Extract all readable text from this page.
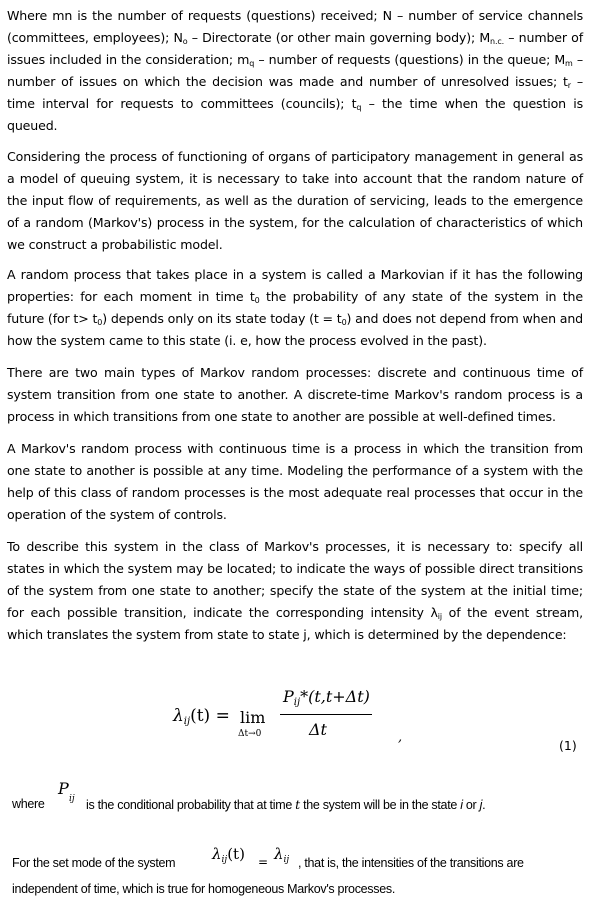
Where mn is the number of requests (questions) received; N – number of service channels (committees, employees); $N_o$ – Directorate (or other main governing body); $M_{n.c.}$ – number of issues included in the consideration; $m_q$ – number of requests (questions) in the queue; $M_m$ – number of issues on which the decision was made and number of unresolved issues; $t_r$ – time interval for requests to committees (councils); $t_q$ – the time when the question is queued.

Considering the process of functioning of organs of participatory management in general as a model of queuing system, it is necessary to take into account that the random nature of the input flow of requirements, as well as the duration of servicing, leads to the emergence of a random (Markov's) process in the system, for the calculation of characteristics of which we construct a probabilistic model.

A random process that takes place in a system is called a Markovian if it has the following properties: for each moment in time $t_0$ the probability of any state of the system in the future (for $t> t_0$) depends only on its state today $(t = t_0)$ and does not depend from when and how the system came to this state (i. e, how the process evolved in the past).

There are two main types of Markov random processes: discrete and continuous time of system transition from one state to another. A discrete-time Markov's random process is a process in which transitions from one state to another are possible at well-defined times.

A Markov's random process with continuous time is a process in which the transition from one state to another is possible at any time. Modeling the performance of a system with the help of this class of random processes is the most adequate real processes that occur in the operation of the system of controls.

To describe this system in the class of Markov's processes, it is necessary to: specify all states in which the system may be located; to indicate the ways of possible direct transitions of the system from one state to another; specify the state of the system at the initial time; for each possible transition, indicate the corresponding intensity $\lambda_{ij}$ of the event stream, which translates the system from state to state j, which is determined by the dependence:

$\lambda_{ij}(t) = \lim$
Δt→0
$P_{ij}*(t,t+\Delta t)$
Δt	,
(1)
where
P
ij is the conditional probability that at time t the system will be in the state i or j.
For the set mode of the system $\lambda_{ij}(t) = \lambda_{ij}$ , that is, the intensities of the transitions are
independent of time, which is true for homogeneous Markov's processes.
